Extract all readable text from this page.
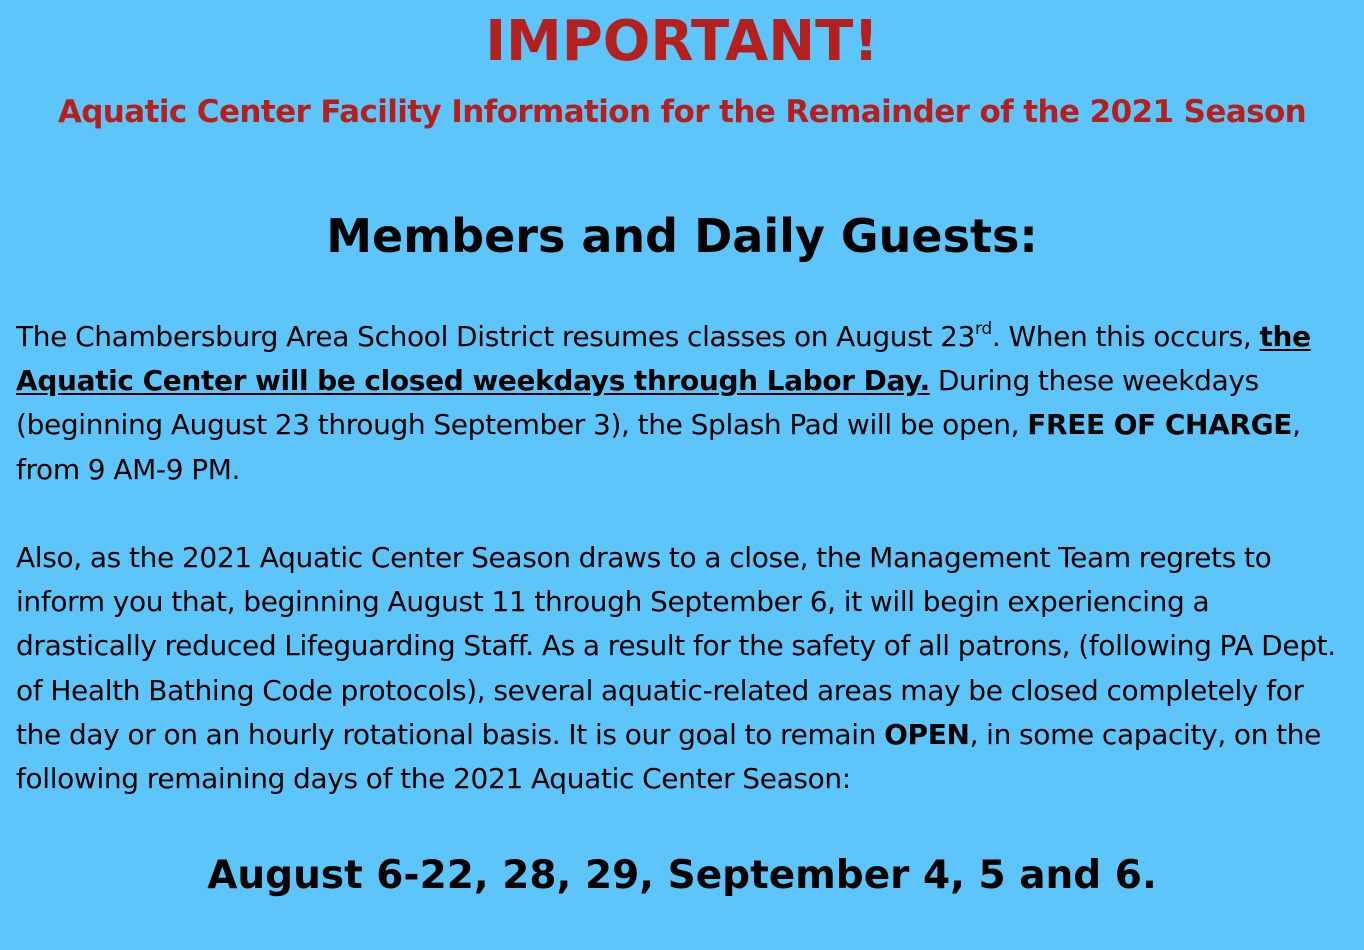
IMPORTANT!
Aquatic Center Facility Information for the Remainder of the 2021 Season
Members and Daily Guests:

The Chambersburg Area School District resumes classes on August 23rd. When this occurs, the Aquatic Center will be closed weekdays through Labor Day. During these weekdays (beginning August 23 through September 3), the Splash Pad will be open, FREE OF CHARGE, from 9 AM-9 PM.

Also, as the 2021 Aquatic Center Season draws to a close, the Management Team regrets to inform you that, beginning August 11 through September 6, it will begin experiencing a drastically reduced Lifeguarding Staff. As a result for the safety of all patrons, (following PA Dept. of Health Bathing Code protocols), several aquatic-related areas may be closed completely for the day or on an hourly rotational basis. It is our goal to remain OPEN, in some capacity, on the following remaining days of the 2021 Aquatic Center Season:

August 6-22, 28, 29, September 4, 5 and 6.
